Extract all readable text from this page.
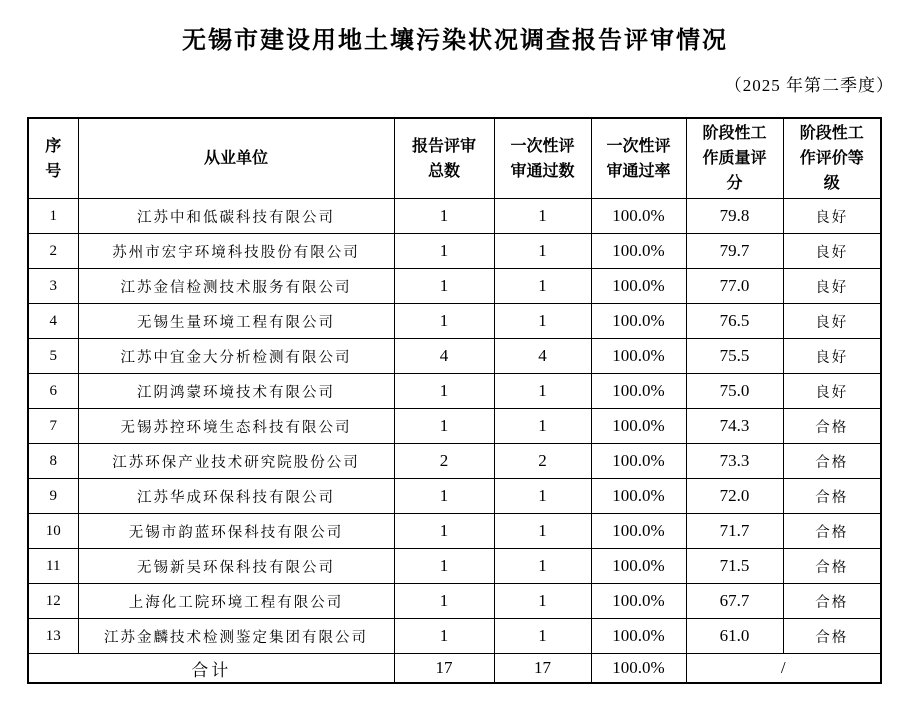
无锡市建设用地土壤污染状况调查报告评审情况
（2025 年第二季度）
序号	从业单位	报告评审总数	一次性评审通过数	一次性评审通过率	阶段性工作质量评分	阶段性工作评价等级
1	江苏中和低碳科技有限公司	1	1	100.0%	79.8	良好
2	苏州市宏宇环境科技股份有限公司	1	1	100.0%	79.7	良好
3	江苏金信检测技术服务有限公司	1	1	100.0%	77.0	良好
4	无锡生量环境工程有限公司	1	1	100.0%	76.5	良好
5	江苏中宜金大分析检测有限公司	4	4	100.0%	75.5	良好
6	江阴鸿蒙环境技术有限公司	1	1	100.0%	75.0	良好
7	无锡苏控环境生态科技有限公司	1	1	100.0%	74.3	合格
8	江苏环保产业技术研究院股份公司	2	2	100.0%	73.3	合格
9	江苏华成环保科技有限公司	1	1	100.0%	72.0	合格
10	无锡市韵蓝环保科技有限公司	1	1	100.0%	71.7	合格
11	无锡新吴环保科技有限公司	1	1	100.0%	71.5	合格
12	上海化工院环境工程有限公司	1	1	100.0%	67.7	合格
13	江苏金麟技术检测鉴定集团有限公司	1	1	100.0%	61.0	合格
合计		17	17	100.0%	/	
